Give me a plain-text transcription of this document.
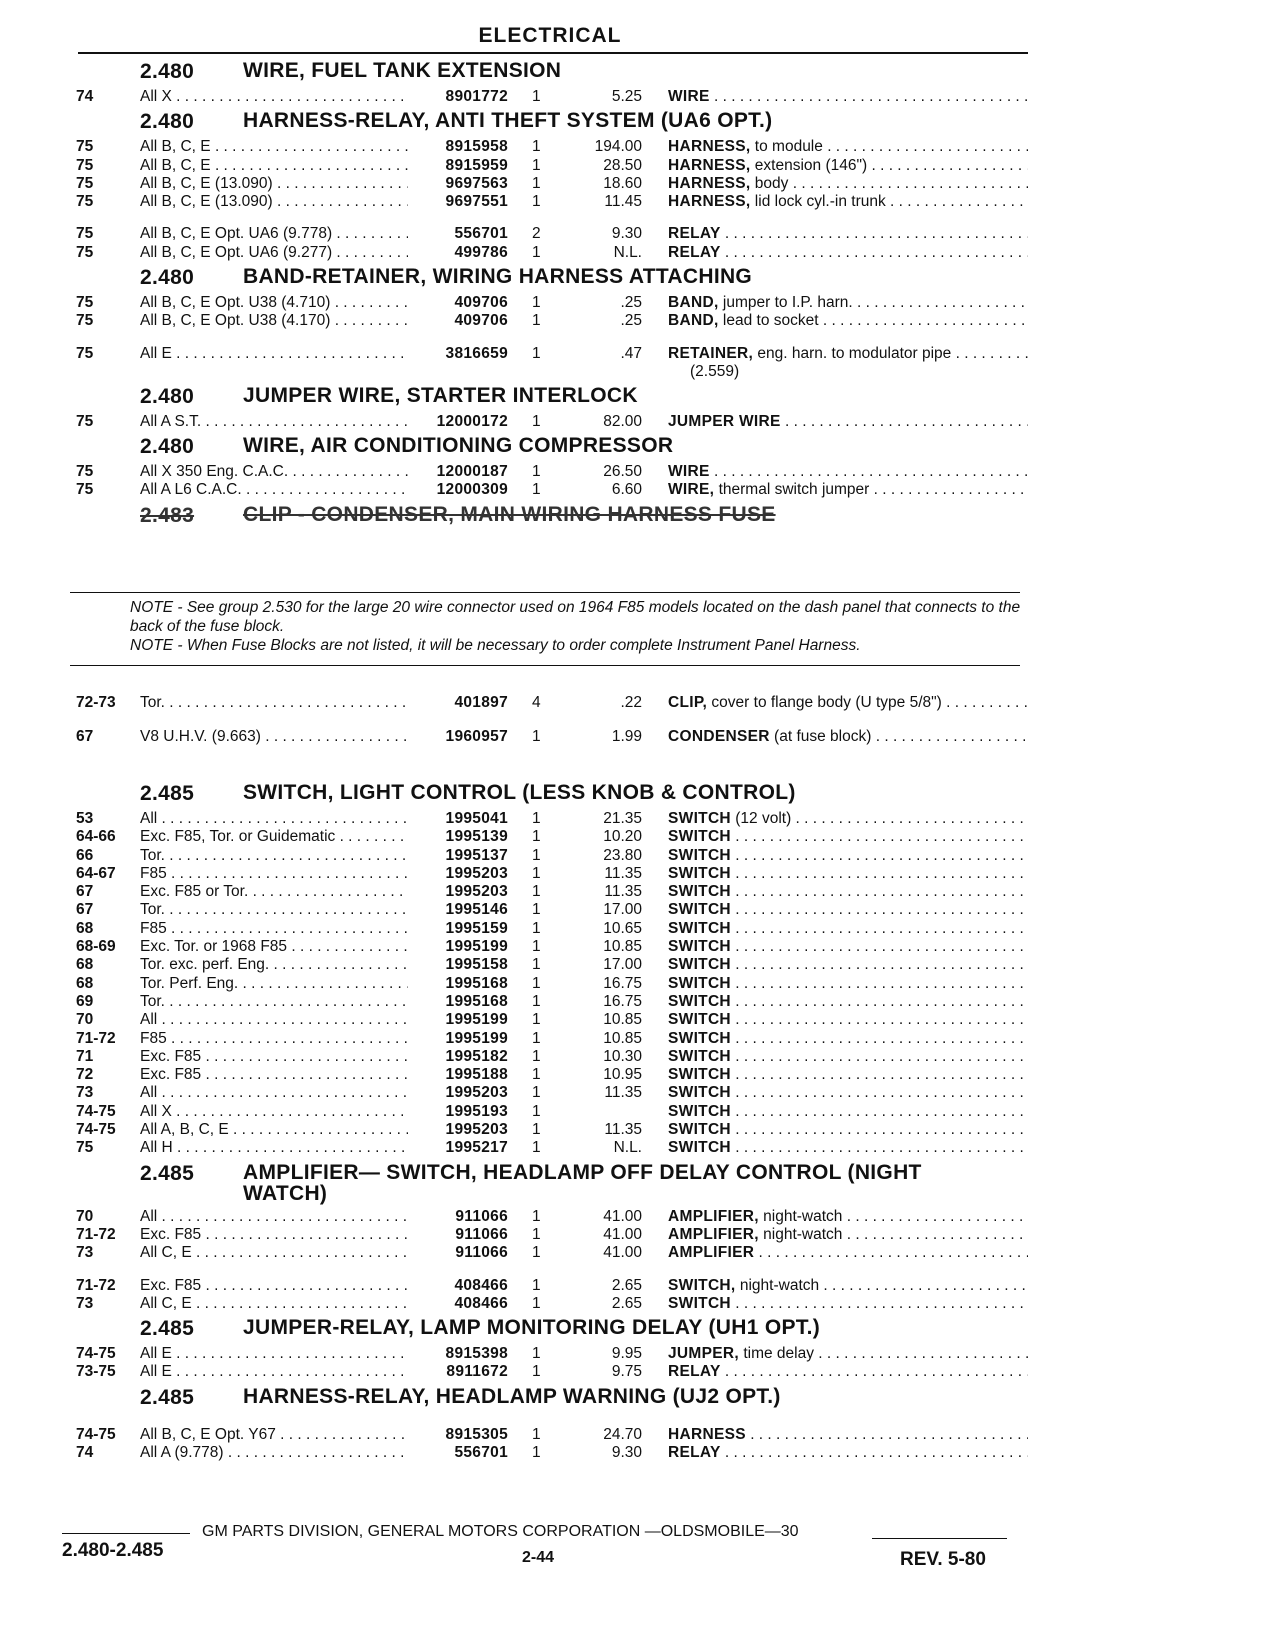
ELECTRICAL
2.480 WIRE, FUEL TANK EXTENSION
74	All X . . .	8901772 1	5.25 WIRE . . .
2.480 HARNESS-RELAY, ANTI THEFT SYSTEM (UA6 OPT.)
75	All B, C, E . . .	8915958 1	194.00 HARNESS, to module . . .
75	All B, C, E . . .	8915959 1	28.50 HARNESS, extension (146") . . .
75	All B, C, E (13.090) . . .	9697563 1	18.60 HARNESS, body . . .
75	All B, C, E (13.090) . . .	9697551 1	11.45 HARNESS, lid lock cyl.-in trunk . . .
75	All B, C, E Opt. UA6 (9.778) . . .	556701 2	9.30 RELAY . . .
75	All B, C, E Opt. UA6 (9.277) . . .	499786 1	N.L. RELAY . . .
2.480 BAND-RETAINER, WIRING HARNESS ATTACHING
75	All B, C, E Opt. U38 (4.710) . . .	409706 1	.25 BAND, jumper to I.P. harn. . . .
75	All B, C, E Opt. U38 (4.170) . . .	409706 1	.25 BAND, lead to socket . . .
75	All E . . .	3816659 1	.47 RETAINER, eng. harn. to modulator pipe . . .
(2.559)
2.480 JUMPER WIRE, STARTER INTERLOCK
75	All A S.T. . . .	12000172 1	82.00 JUMPER WIRE . . .
2.480 WIRE, AIR CONDITIONING COMPRESSOR
75	All X 350 Eng. C.A.C. . . .	12000187 1	26.50 WIRE . . .
75	All A L6 C.A.C. . . .	12000309 1	6.60 WIRE, thermal switch jumper . . .
2.483 CLIP - CONDENSER, MAIN WIRING HARNESS FUSE
NOTE - See group 2.530 for the large 20 wire connector used on 1964 F85 models located on the dash panel that connects to the back of the fuse block.
NOTE - When Fuse Blocks are not listed, it will be necessary to order complete Instrument Panel Harness.
72-73 Tor. . . .	401897 4	.22 CLIP, cover to flange body (U type 5/8") . . .
67	V8 U.H.V. (9.663) . . .	1960957 1	1.99 CONDENSER (at fuse block) . . .
2.485 SWITCH, LIGHT CONTROL (LESS KNOB & CONTROL)
53	All . . .	1995041 1	21.35 SWITCH (12 volt) . . .
64-66 Exc. F85, Tor. or Guidematic . . .	1995139 1	10.20 SWITCH . . .
66	Tor. . . .	1995137 1	23.80 SWITCH . . .
64-67 F85 . . .	1995203 1	11.35 SWITCH . . .
67	Exc. F85 or Tor. . . .	1995203 1	11.35 SWITCH . . .
67	Tor. . . .	1995146 1	17.00 SWITCH . . .
68	F85 . . .	1995159 1	10.65 SWITCH . . .
68-69 Exc. Tor. or 1968 F85 . . .	1995199 1	10.85 SWITCH . . .
68	Tor. exc. perf. Eng. . . .	1995158 1	17.00 SWITCH . . .
68	Tor. Perf. Eng. . . .	1995168 1	16.75 SWITCH . . .
69	Tor. . . .	1995168 1	16.75 SWITCH . . .
70	All . . .	1995199 1	10.85 SWITCH . . .
71-72 F85 . . .	1995199 1	10.85 SWITCH . . .
71	Exc. F85 . . .	1995182 1	10.30 SWITCH . . .
72	Exc. F85 . . .	1995188 1	10.95 SWITCH . . .
73	All . . .	1995203 1	11.35 SWITCH . . .
74-75 All X . . .	1995193 1	SWITCH . . .
74-75 All A, B, C, E . . .	1995203 1	11.35 SWITCH . . .
75	All H . . .	1995217 1	N.L. SWITCH . . .
2.485 AMPLIFIER— SWITCH, HEADLAMP OFF DELAY CONTROL (NIGHT WATCH)
70	All . . .	911066 1	41.00 AMPLIFIER, night-watch . . .
71-72 Exc. F85 . . .	911066 1	41.00 AMPLIFIER, night-watch . . .
73	All C, E . . .	911066 1	41.00 AMPLIFIER . . .
71-72 Exc. F85 . . .	408466 1	2.65 SWITCH, night-watch . . .
73	All C, E . . .	408466 1	2.65 SWITCH . . .
2.485 JUMPER-RELAY, LAMP MONITORING DELAY (UH1 OPT.)
74-75 All E . . .	8915398 1	9.95 JUMPER, time delay . . .
73-75 All E . . .	8911672 1	9.75 RELAY . . .
2.485 HARNESS-RELAY, HEADLAMP WARNING (UJ2 OPT.)
74-75 All B, C, E Opt. Y67 . . .	8915305 1	24.70 HARNESS . . .
74	All A (9.778) . . .	556701 1	9.30 RELAY . . .
GM PARTS DIVISION, GENERAL MOTORS CORPORATION —OLDSMOBILE—30
2.480-2.485	2-44	REV. 5-80
